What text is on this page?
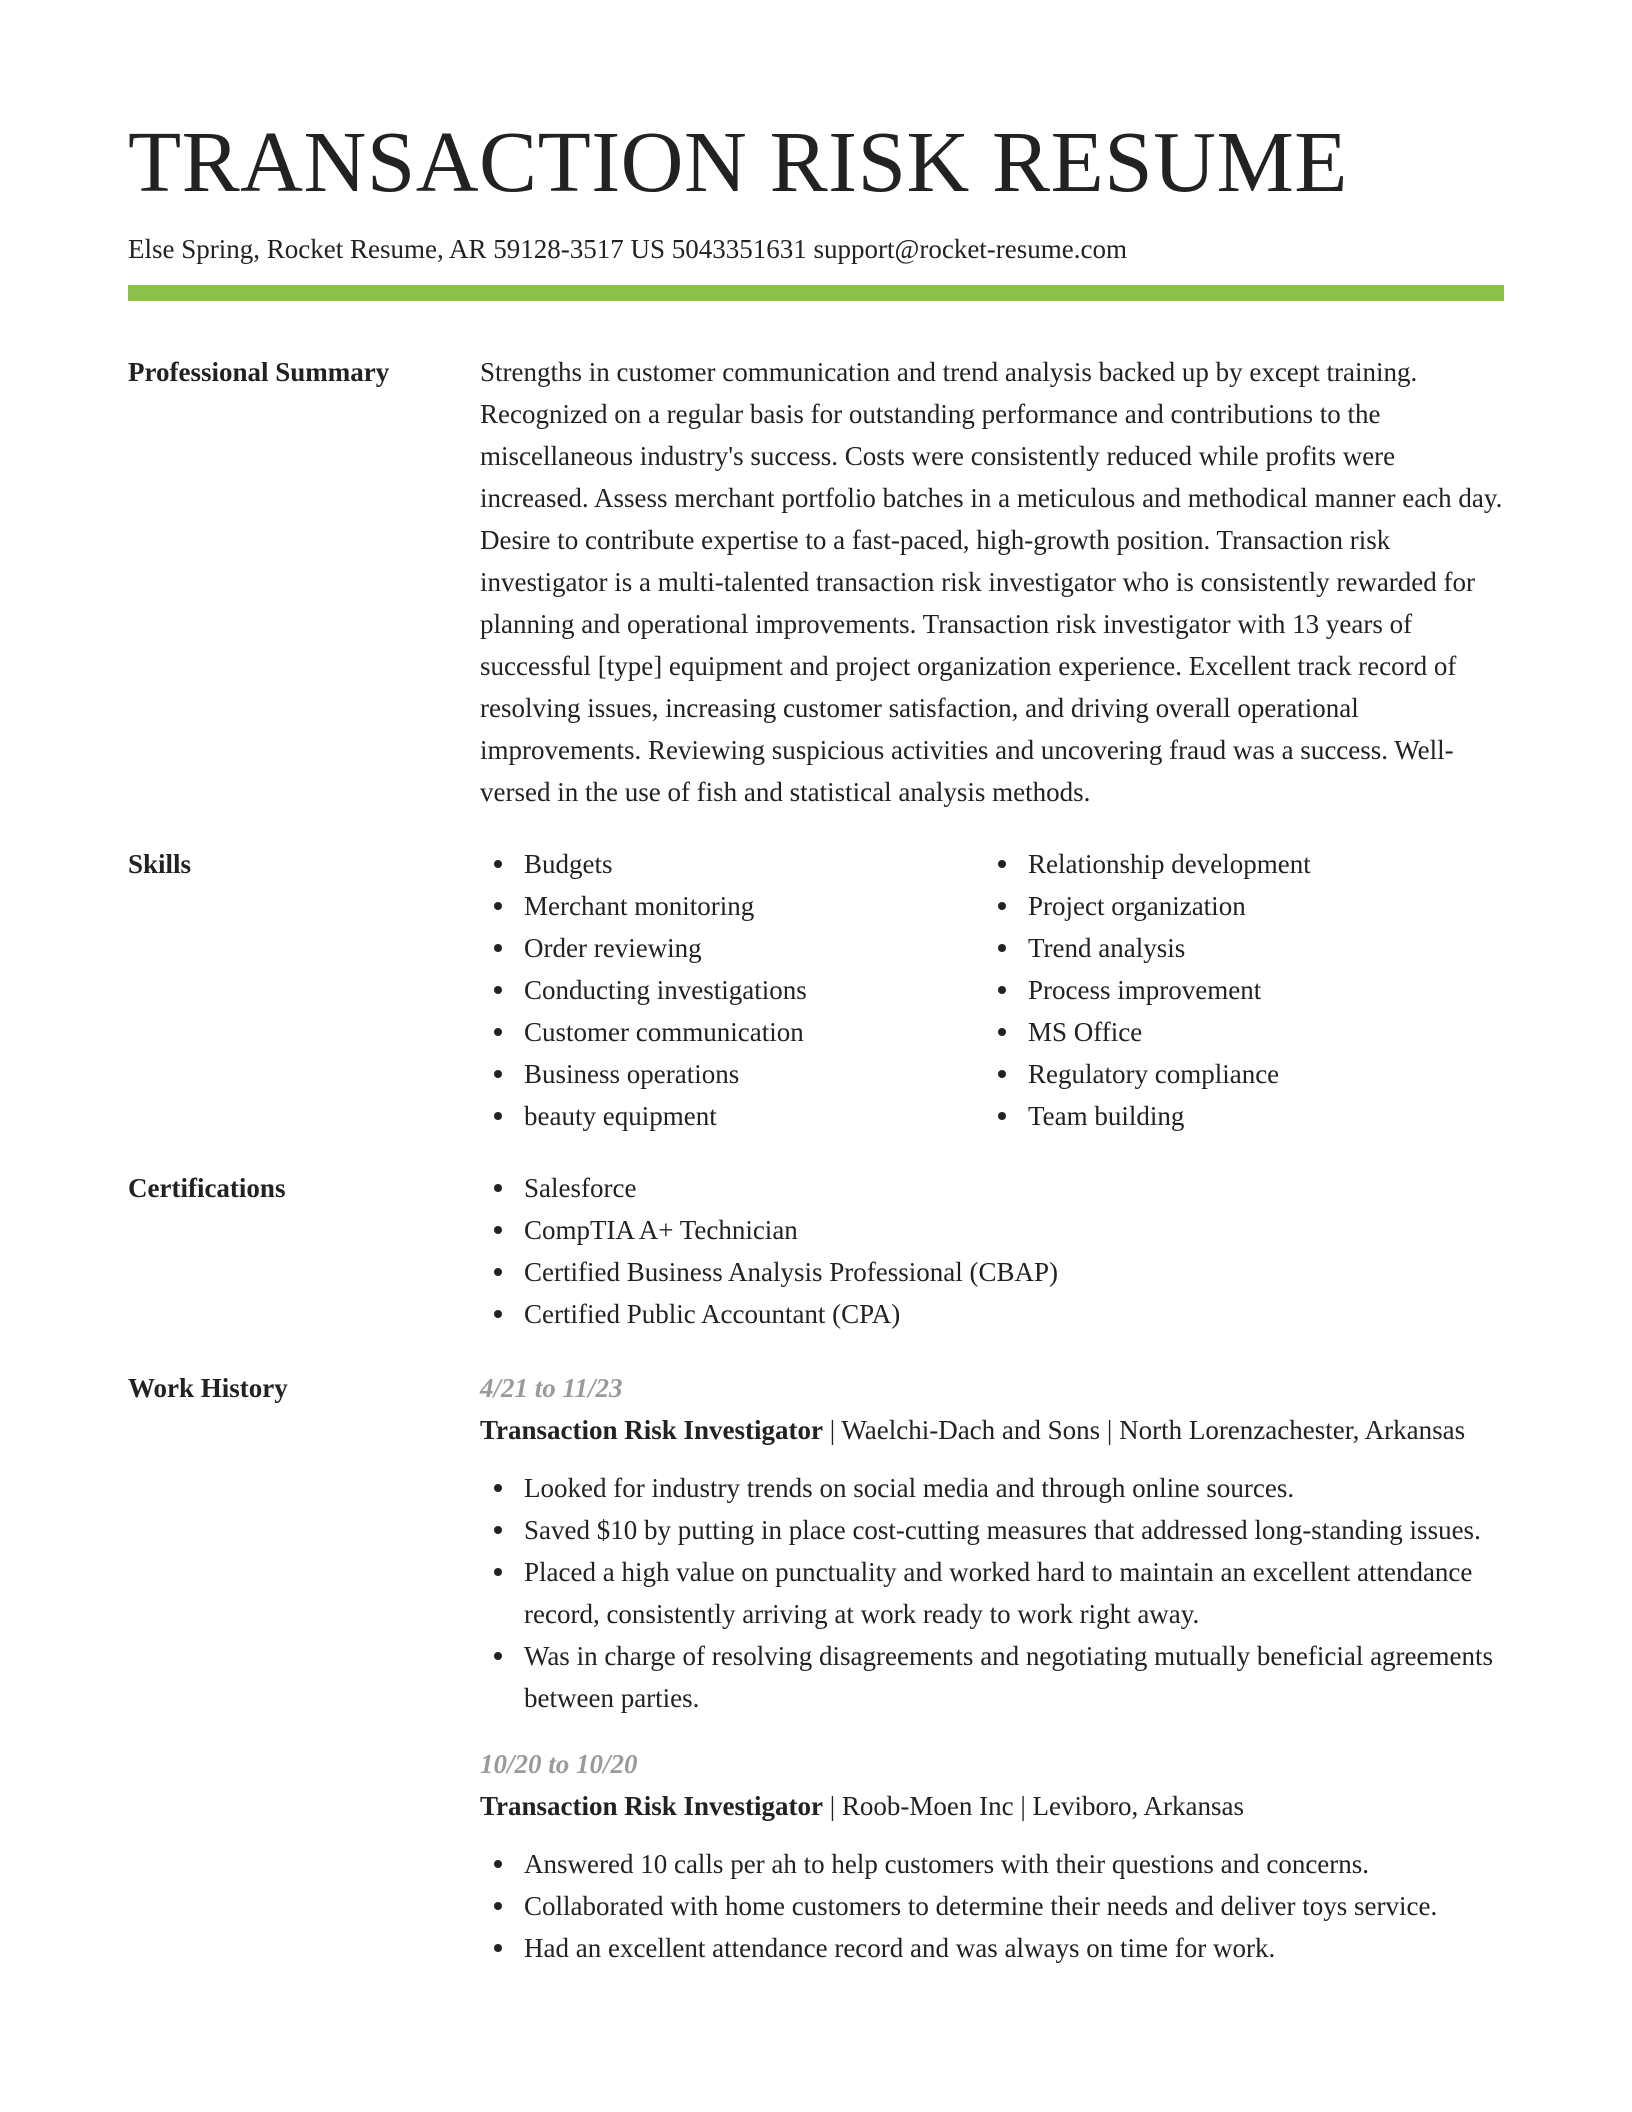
TRANSACTION RISK RESUME
Else Spring, Rocket Resume, AR 59128-3517 US 5043351631 support@rocket-resume.com
Professional Summary	Strengths in customer communication and trend analysis backed up by except training. Recognized on a regular basis for outstanding performance and contributions to the miscellaneous industry's success. Costs were consistently reduced while profits were increased. Assess merchant portfolio batches in a meticulous and methodical manner each day. Desire to contribute expertise to a fast-paced, high-growth position. Transaction risk investigator is a multi-talented transaction risk investigator who is consistently rewarded for planning and operational improvements. Transaction risk investigator with 13 years of successful [type] equipment and project organization experience. Excellent track record of resolving issues, increasing customer satisfaction, and driving overall operational improvements. Reviewing suspicious activities and uncovering fraud was a success. Well-versed in the use of fish and statistical analysis methods.
Skills	Budgets
Merchant monitoring
Order reviewing
Conducting investigations
Customer communication
Business operations
beauty equipment
Relationship development
Project organization
Trend analysis
Process improvement
MS Office
Regulatory compliance
Team building
Certifications	Salesforce
CompTIA A+ Technician
Certified Business Analysis Professional (CBAP)
Certified Public Accountant (CPA)
Work History	4/21 to 11/23
Transaction Risk Investigator | Waelchi-Dach and Sons | North Lorenzachester, Arkansas
Looked for industry trends on social media and through online sources.
Saved $10 by putting in place cost-cutting measures that addressed long-standing issues.
Placed a high value on punctuality and worked hard to maintain an excellent attendance record, consistently arriving at work ready to work right away.
Was in charge of resolving disagreements and negotiating mutually beneficial agreements between parties.
10/20 to 10/20
Transaction Risk Investigator | Roob-Moen Inc | Leviboro, Arkansas
Answered 10 calls per ah to help customers with their questions and concerns.
Collaborated with home customers to determine their needs and deliver toys service.
Had an excellent attendance record and was always on time for work.
